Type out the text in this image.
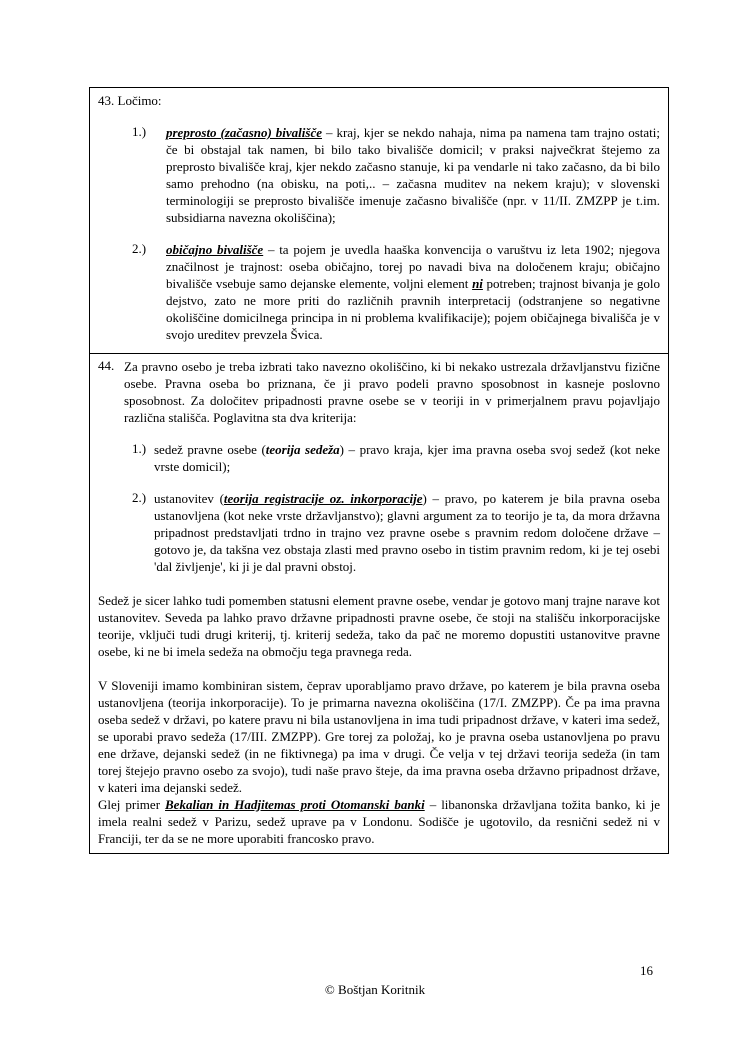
43. Ločimo:

1.)	preprosto (začasno) bivališče – kraj, kjer se nekdo nahaja, nima pa namena tam trajno ostati; če bi obstajal tak namen, bi bilo tako bivališče domicil; v praksi največkrat štejemo za preprosto bivališče kraj, kjer nekdo začasno stanuje, ki pa vendarle ni tako začasno, da bi bilo samo prehodno (na obisku, na poti,.. – začasna muditev na nekem kraju); v slovenski terminologiji se preprosto bivališče imenuje začasno bivališče (npr. v 11/II. ZMZPP je t.im. subsidiarna navezna okoliščina);
2.)	običajno bivališče – ta pojem je uvedla haaška konvencija o varuštvu iz leta 1902; njegova značilnost je trajnost: oseba običajno, torej po navadi biva na določenem kraju; običajno bivališče vsebuje samo dejanske elemente, voljni element ni potreben; trajnost bivanja je golo dejstvo, zato ne more priti do različnih pravnih interpretacij (odstranjene so negativne okoliščine domicilnega principa in ni problema kvalifikacije); pojem običajnega bivališča je v svojo ureditev prevzela Švica.
44. Za pravno osebo je treba izbrati tako navezno okoliščino, ki bi nekako ustrezala državljanstvu fizične osebe. Pravna oseba bo priznana, če ji pravo podeli pravno sposobnost in kasneje poslovno sposobnost. Za določitev pripadnosti pravne osebe se v teoriji in v primerjalnem pravu pojavljajo različna stališča. Poglavitna sta dva kriterija:
1.) sedež pravne osebe (teorija sedeža) – pravo kraja, kjer ima pravna oseba svoj sedež (kot neke vrste domicil);
2.) ustanovitev (teorija registracije oz. inkorporacije) – pravo, po katerem je bila pravna oseba ustanovljena (kot neke vrste državljanstvo); glavni argument za to teorijo je ta, da mora državna pripadnost predstavljati trdno in trajno vez pravne osebe s pravnim redom določene države – gotovo je, da takšna vez obstaja zlasti med pravno osebo in tistim pravnim redom, ki je tej osebi 'dal življenje', ki ji je dal pravni obstoj.

Sedež je sicer lahko tudi pomemben statusni element pravne osebe, vendar je gotovo manj trajne narave kot ustanovitev. Seveda pa lahko pravo državne pripadnosti pravne osebe, če stoji na stališču inkorporacijske teorije, vključi tudi drugi kriterij, tj. kriterij sedeža, tako da pač ne moremo dopustiti ustanovitve pravne osebe, ki ne bi imela sedeža na območju tega pravnega reda.

V Sloveniji imamo kombiniran sistem, čeprav uporabljamo pravo države, po katerem je bila pravna oseba ustanovljena (teorija inkorporacije). To je primarna navezna okoliščina (17/I. ZMZPP). Če pa ima pravna oseba sedež v državi, po katere pravu ni bila ustanovljena in ima tudi pripadnost države, v kateri ima sedež, se uporabi pravo sedeža (17/III. ZMZPP). Gre torej za položaj, ko je pravna oseba ustanovljena po pravu ene države, dejanski sedež (in ne fiktivnega) pa ima v drugi. Če velja v tej državi teorija sedeža (in tam torej štejejo pravno osebo za svojo), tudi naše pravo šteje, da ima pravna oseba državno pripadnost države, v kateri ima dejanski sedež.

Glej primer Bekalian in Hadjitemas proti Otomanski banki – libanonska državljana tožita banko, ki je imela realni sedež v Parizu, sedež uprave pa v Londonu. Sodišče je ugotovilo, da resnični sedež ni v Franciji, ter da se ne more uporabiti francosko pravo.

16
© Boštjan Koritnik
